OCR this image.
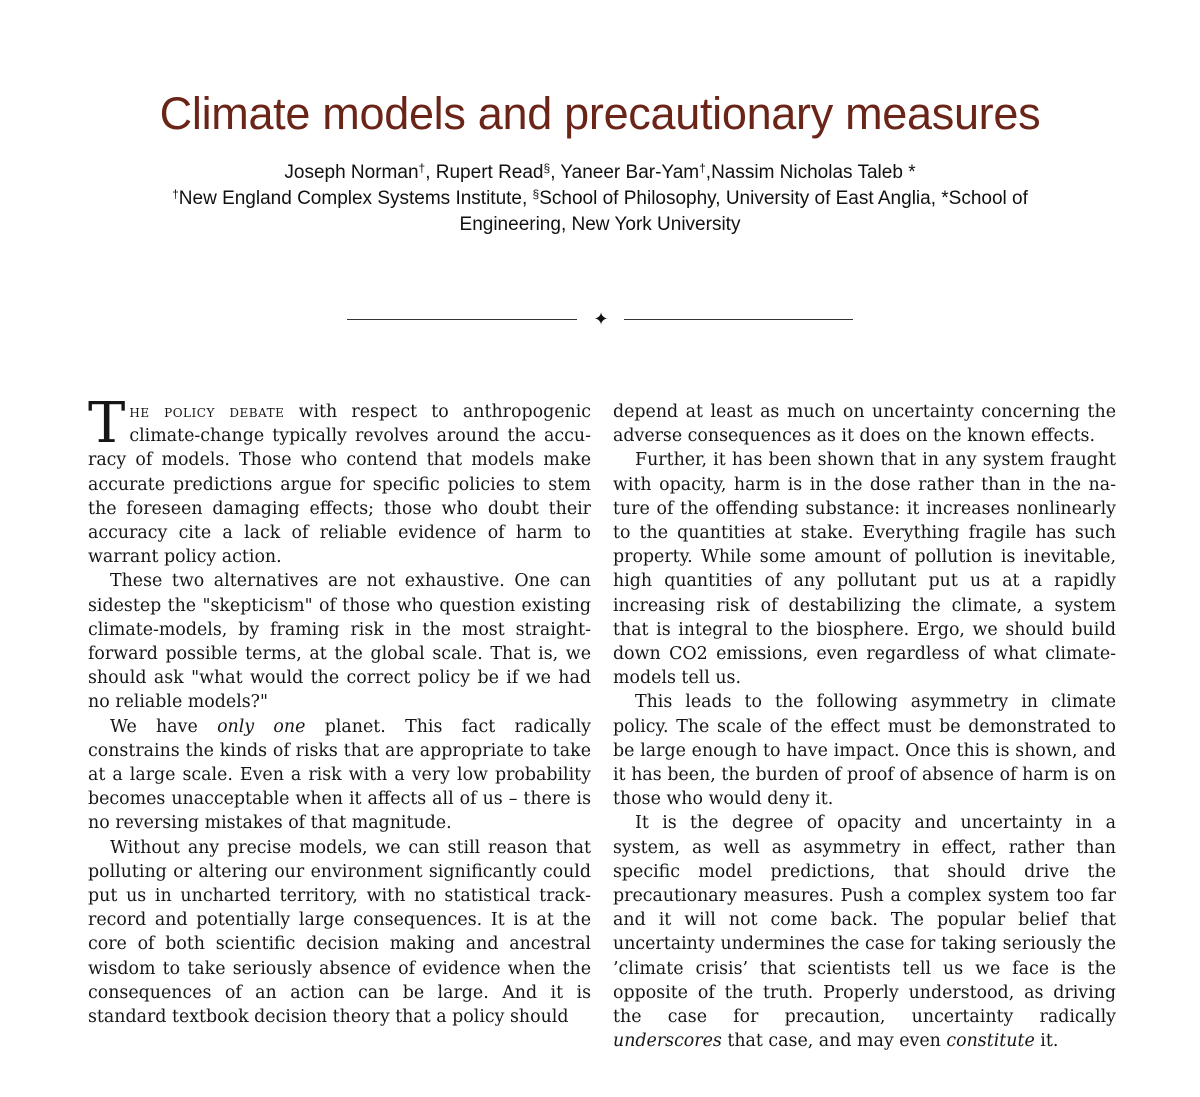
Climate models and precautionary measures
Joseph Norman†, Rupert Read§, Yaneer Bar-Yam†,Nassim Nicholas Taleb *
†New England Complex Systems Institute, §School of Philosophy, University of East Anglia, *School of
Engineering, New York University
✦

The policy debate with respect to anthropogenic climate-change typically revolves around the accuracy of models. Those who contend that models make accurate predictions argue for specific policies to stem the foreseen damaging effects; those who doubt their accuracy cite a lack of reliable evidence of harm to warrant policy action.

These two alternatives are not exhaustive. One can sidestep the "skepticism" of those who question existing climate-models, by framing risk in the most straightforward possible terms, at the global scale. That is, we should ask "what would the correct policy be if we had no reliable models?"

We have only one planet. This fact radically constrains the kinds of risks that are appropriate to take at a large scale. Even a risk with a very low probability becomes unacceptable when it affects all of us – there is no reversing mistakes of that magnitude.

Without any precise models, we can still reason that polluting or altering our environment significantly could put us in uncharted territory, with no statistical trackrecord and potentially large consequences. It is at the core of both scientific decision making and ancestral wisdom to take seriously absence of evidence when the consequences of an action can be large. And it is standard textbook decision theory that a policy should

depend at least as much on uncertainty concerning the adverse consequences as it does on the known effects.

Further, it has been shown that in any system fraught with opacity, harm is in the dose rather than in the nature of the offending substance: it increases nonlinearly to the quantities at stake. Everything fragile has such property. While some amount of pollution is inevitable, high quantities of any pollutant put us at a rapidly increasing risk of destabilizing the climate, a system that is integral to the biosphere. Ergo, we should build down CO2 emissions, even regardless of what climate-models tell us.

This leads to the following asymmetry in climate policy. The scale of the effect must be demonstrated to be large enough to have impact. Once this is shown, and it has been, the burden of proof of absence of harm is on those who would deny it.

It is the degree of opacity and uncertainty in a system, as well as asymmetry in effect, rather than specific model predictions, that should drive the precautionary measures. Push a complex system too far and it will not come back. The popular belief that uncertainty undermines the case for taking seriously the ’climate crisis’ that scientists tell us we face is the opposite of the truth. Properly understood, as driving the case for precaution, uncertainty radically underscores that case, and may even constitute it.
